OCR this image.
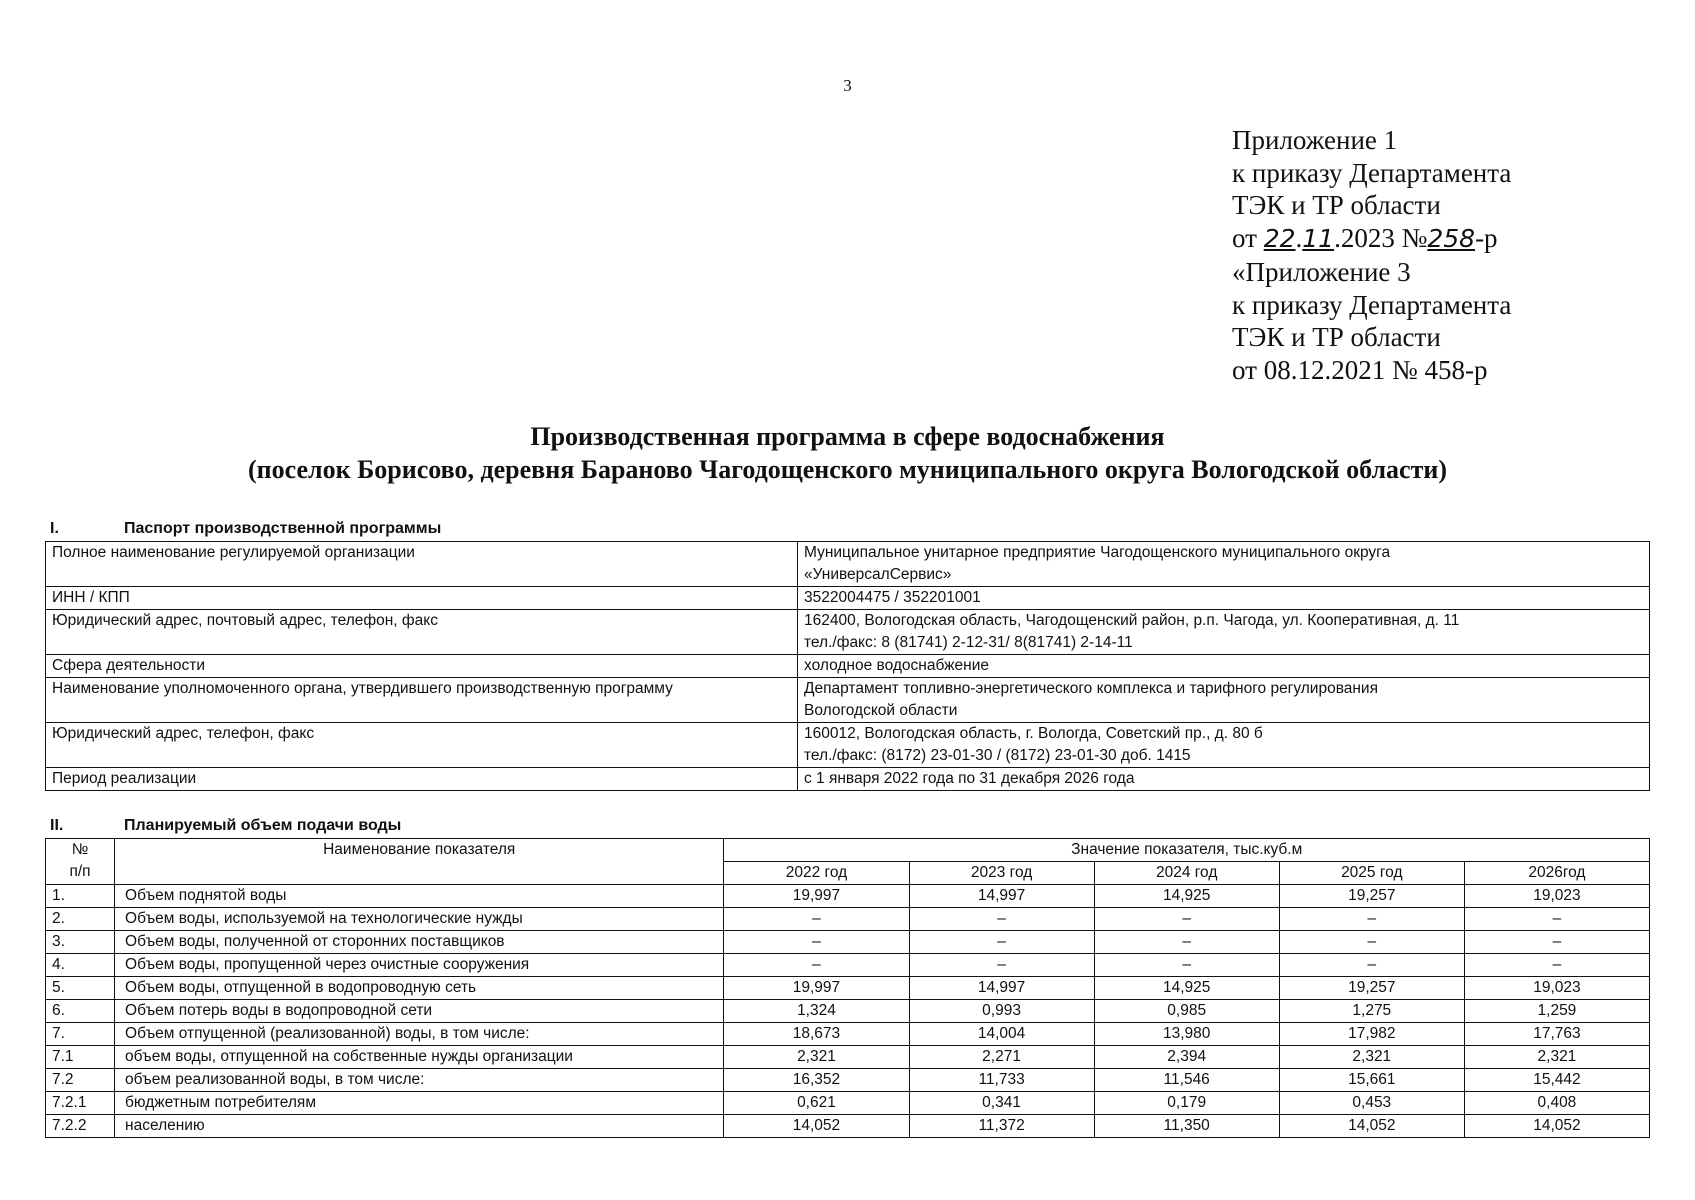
3
Приложение 1
к приказу Департамента
ТЭК и ТР области
от 22.11.2023 №258-р
«Приложение 3
к приказу Департамента
ТЭК и ТР области
от 08.12.2021 № 458-р
Производственная программа в сфере водоснабжения
(поселок Борисово, деревня Бараново Чагодощенского муниципального округа Вологодской области)
I.	Паспорт производственной программы
Полное наименование регулируемой организации	Муниципальное унитарное предприятие Чагодощенского муниципального округа
«УниверсалСервис»

ИНН / КПП	3522004475 / 352201001

Юридический адрес, почтовый адрес, телефон, факс	162400, Вологодская область, Чагодощенский район, р.п. Чагода, ул. Кооперативная, д. 11
тел./факс: 8 (81741) 2-12-31/ 8(81741) 2-14-11

Сфера деятельности	холодное водоснабжение

Наименование уполномоченного органа, утвердившего производственную программу	Департамент топливно-энергетического комплекса и тарифного регулирования
Вологодской области

Юридический адрес, телефон, факс	160012, Вологодская область, г. Вологда, Советский пр., д. 80 б
тел./факс: (8172) 23-01-30 / (8172) 23-01-30 доб. 1415

Период реализации	с 1 января 2022 года по 31 декабря 2026 года
II.	Планируемый объем подачи воды
№
п/п	Наименование показателя	Значение показателя, тыс.куб.м				
		2022 год	2023 год	2024 год	2025 год	2026год
1.	Объем поднятой воды	19,997	14,997	14,925	19,257	19,023
2.	Объем воды, используемой на технологические нужды	–	–	–	–	–
3.	Объем воды, полученной от сторонних поставщиков	–	–	–	–	–
4.	Объем воды, пропущенной через очистные сооружения	–	–	–	–	–
5.	Объем воды, отпущенной в водопроводную сеть	19,997	14,997	14,925	19,257	19,023
6.	Объем потерь воды в водопроводной сети	1,324	0,993	0,985	1,275	1,259
7.	Объем отпущенной (реализованной) воды, в том числе:	18,673	14,004	13,980	17,982	17,763
7.1	объем воды, отпущенной на собственные нужды организации	2,321	2,271	2,394	2,321	2,321
7.2	объем реализованной воды, в том числе:	16,352	11,733	11,546	15,661	15,442
7.2.1	бюджетным потребителям	0,621	0,341	0,179	0,453	0,408
7.2.2	населению	14,052	11,372	11,350	14,052	14,052
